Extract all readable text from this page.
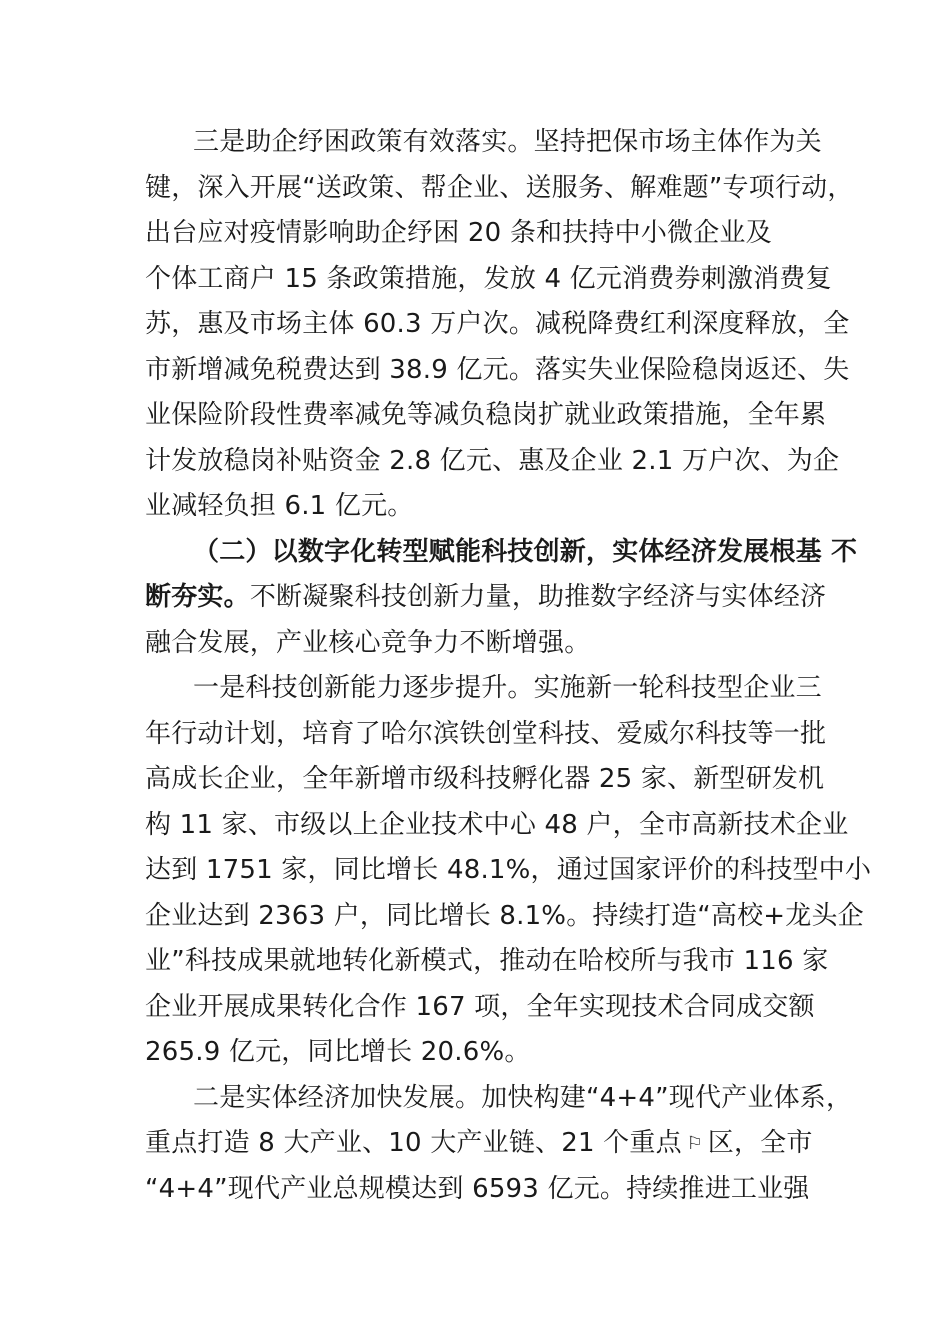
三是助企纾困政策有效落实。坚持把保市场主体作为关
键，深入开展“送政策、帮企业、送服务、解难题”专项行动，
出台应对疫情影响助企纾困 20 条和扶持中小微企业及
个体工商户 15 条政策措施，发放 4 亿元消费券刺激消费复
苏，惠及市场主体 60.3 万户次。减税降费红利深度释放，全
市新增减免税费达到 38.9 亿元。落实失业保险稳岗返还、失
业保险阶段性费率减免等减负稳岗扩就业政策措施，全年累
计发放稳岗补贴资金 2.8 亿元、惠及企业 2.1 万户次、为企
业减轻负担 6.1 亿元。
（二）以数字化转型赋能科技创新，实体经济发展根基 不
断夯实。不断凝聚科技创新力量，助推数字经济与实体经济
融合发展，产业核心竞争力不断增强。
一是科技创新能力逐步提升。实施新一轮科技型企业三
年行动计划，培育了哈尔滨铁创堂科技、爱威尔科技等一批
高成长企业，全年新增市级科技孵化器 25 家、新型研发机
构 11 家、市级以上企业技术中心 48 户，全市高新技术企业
达到 1751 家，同比增长 48.1%，通过国家评价的科技型中小
企业达到 2363 户，同比增长 8.1%。持续打造“高校+龙头企
业”科技成果就地转化新模式，推动在哈校所与我市 116 家
企业开展成果转化合作 167 项，全年实现技术合同成交额
265.9 亿元，同比增长 20.6%。
二是实体经济加快发展。加快构建“4+4”现代产业体系，
重点打造 8 大产业、10 大产业链、21 个重点 ⚐ 区，全市
“4+4”现代产业总规模达到 6593 亿元。持续推进工业强
